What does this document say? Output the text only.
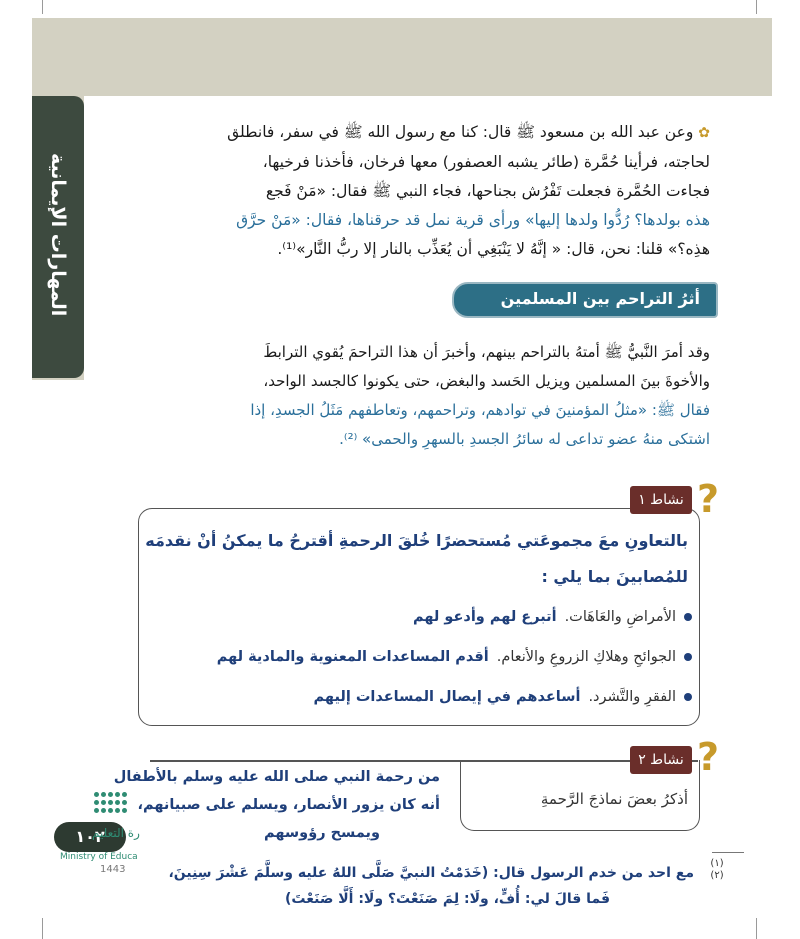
المهارات الإيمانية
✿ وعن عبد الله بن مسعود ﷺ قال: كنا مع رسول الله ﷺ في سفر، فانطلق
لحاجته، فرأينا حُمَّرة (طائر يشبه العصفور) معها فرخان، فأخذنا فرخيها،
فجاءت الحُمَّرة فجعلت تَفْرُش بجناحها، فجاء النبي ﷺ فقال: «مَنْ فَجع
هذه بولدها؟ رُدُّوا ولدها إليها» ورأى قرية نمل قد حرقناها، فقال: «مَنْ حرَّق
هذِه؟» قلنا: نحن، قال: « إنَّهُ لا يَنْبَغِي أن يُعَذِّب بالنار إلا ربُّ النَّار»⁽¹⁾.
أثرُ التراحم بين المسلمين
وقد أمرَ النَّبيُّ ﷺ أمتهُ بالتراحم بينهم، وأخبرَ أن هذا التراحمَ يُقوي الترابطَ
والأخوةَ بينَ المسلمين ويزيل الحَسد والبغض، حتى يكونوا كالجسد الواحد،
فقال ﷺ: «مثلُ المؤمنينَ في توادهم، وتراحمهم، وتعاطفهم مَثَلُ الجسدِ، إذا
اشتكى منهُ عضو تداعى له سائرُ الجسدِ بالسهرِ والحمى» ⁽²⁾.
نشاط ١ ?
بالتعاونِ معَ مجموعَتي مُستحضرًا خُلقَ الرحمةِ أقترحُ ما يمكنُ أنْ نقدمَه
للمُصابينَ بما يلي :
الأمراضِ والعَاهَات.
أتبرع لهم وأدعو لهم
الجوائحِ وهلاكِ الزروعِ والأنعام.
أقدم المساعدات المعنوية والمادية لهم
الفقرِ والتَّشرد.
أساعدهم في إيصال المساعدات إليهم
نشاط ٢ ?
أذكرُ بعضَ نماذجَ الرَّحمةِ
من رحمة النبي صلى الله عليه وسلم بالأطفال
أنه كان يزور الأنصار، ويسلم على صبيانهم،
ويمسح رؤوسهم
(١)
(٢)
مع احد من خدم الرسول قال: (خَدَمْتُ النبيَّ صَلَّى اللهُ عليه وسلَّمَ عَشْرَ سِنِينَ،
فَما قالَ لي: أُفٍّ، ولَا: لِمَ صَنَعْتَ؟ ولَا: أَلَّا صَنَعْتَ)
١٠٢
رة التعليم
Ministry of Educa
1443
